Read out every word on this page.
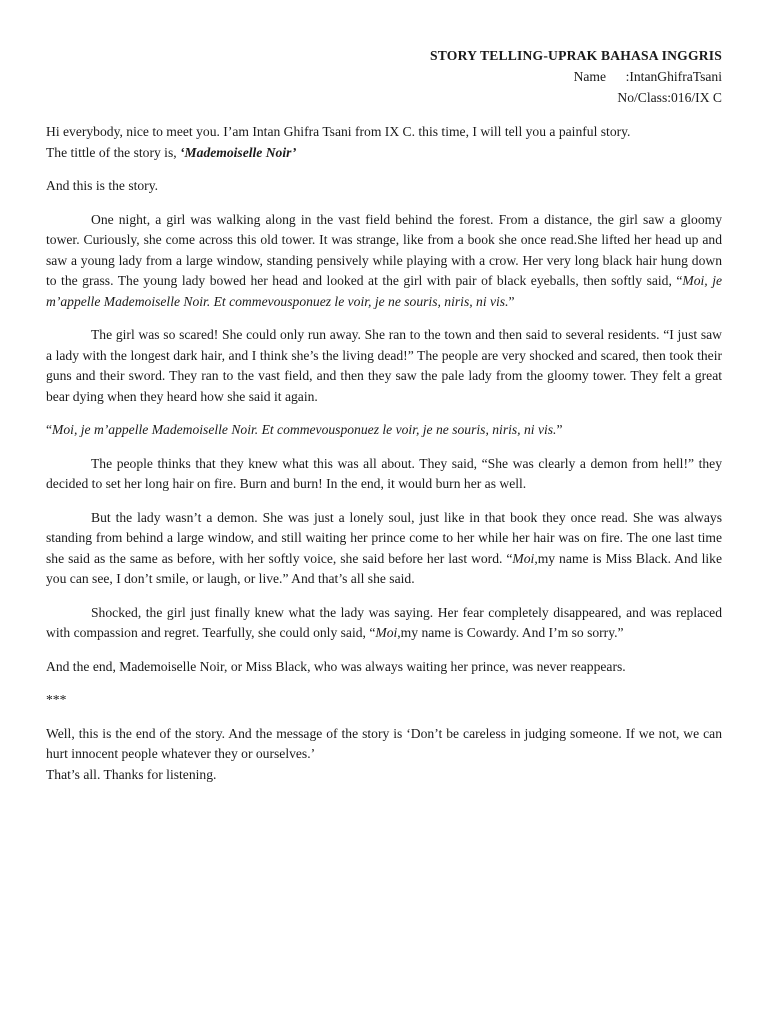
STORY TELLING-UPRAK BAHASA INGGRIS
Name :IntanGhifraTsani
No/Class:016/IX C

Hi everybody, nice to meet you. I’am Intan Ghifra Tsani from IX C. this time, I will tell you a painful story.
The tittle of the story is, ‘Mademoiselle Noir’

And this is the story.

One night, a girl was walking along in the vast field behind the forest. From a distance, the girl saw a gloomy tower. Curiously, she come across this old tower. It was strange, like from a book she once read.She lifted her head up and saw a young lady from a large window, standing pensively while playing with a crow. Her very long black hair hung down to the grass. The young lady bowed her head and looked at the girl with pair of black eyeballs, then softly said, “Moi, je m’appelle Mademoiselle Noir. Et commevousponuez le voir, je ne souris, niris, ni vis.”

The girl was so scared! She could only run away. She ran to the town and then said to several residents. “I just saw a lady with the longest dark hair, and I think she’s the living dead!” The people are very shocked and scared, then took their guns and their sword. They ran to the vast field, and then they saw the pale lady from the gloomy tower. They felt a great bear dying when they heard how she said it again.

“Moi, je m’appelle Mademoiselle Noir. Et commevousponuez le voir, je ne souris, niris, ni vis.”

The people thinks that they knew what this was all about. They said, “She was clearly a demon from hell!” they decided to set her long hair on fire. Burn and burn! In the end, it would burn her as well.

But the lady wasn’t a demon. She was just a lonely soul, just like in that book they once read. She was always standing from behind a large window, and still waiting her prince come to her while her hair was on fire. The one last time she said as the same as before, with her softly voice, she said before her last word. “Moi,my name is Miss Black. And like you can see, I don’t smile, or laugh, or live.” And that’s all she said.

Shocked, the girl just finally knew what the lady was saying. Her fear completely disappeared, and was replaced with compassion and regret. Tearfully, she could only said, “Moi,my name is Cowardy. And I’m so sorry.”

And the end, Mademoiselle Noir, or Miss Black, who was always waiting her prince, was never reappears.

***

Well, this is the end of the story. And the message of the story is ‘Don’t be careless in judging someone. If we not, we can hurt innocent people whatever they or ourselves.’

That’s all. Thanks for listening.
